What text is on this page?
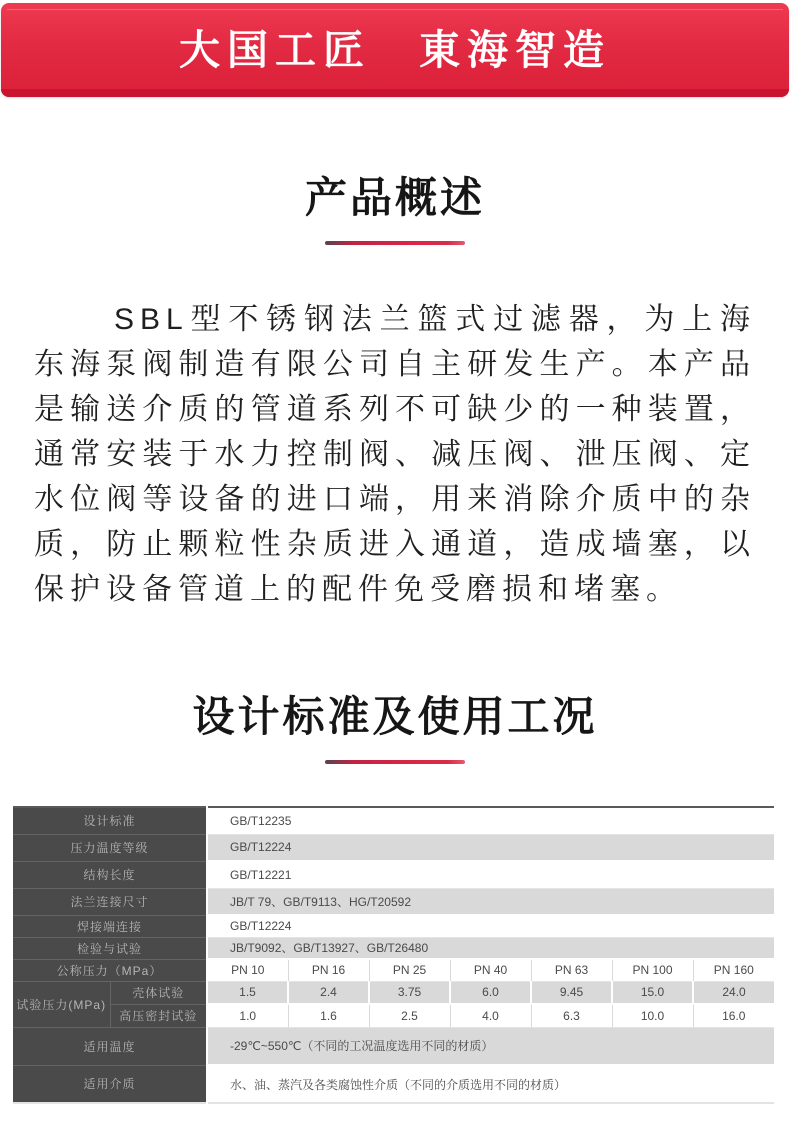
大国工匠　東海智造
产品概述

SBL型不锈钢法兰篮式过滤器，为上海东海泵阀制造有限公司自主研发生产。本产品是输送介质的管道系列不可缺少的一种装置，通常安装于水力控制阀、减压阀、泄压阀、定水位阀等设备的进口端，用来消除介质中的杂质，防止颗粒性杂质进入通道，造成墙塞，以保护设备管道上的配件免受磨损和堵塞。

设计标准及使用工况
设计标准		GB/T12235						
压力温度等级		GB/T12224						
结构长度		GB/T12221						
法兰连接尺寸		JB/T 79、GB/T9113、HG/T20592						
焊接端连接		GB/T12224						
检验与试验		JB/T9092、GB/T13927、GB/T26480						
公称压力（MPa）		PN 10	PN 16	PN 25	PN 40	PN 63	PN 100	PN 160
试验压力(MPa)	壳体试验	1.5	2.4	3.75	6.0	9.45	15.0	24.0
	高压密封试验	1.0	1.6	2.5	4.0	6.3	10.0	16.0
适用温度		-29℃~550℃（不同的工况温度选用不同的材质）						
适用介质		水、油、蒸汽及各类腐蚀性介质（不同的介质选用不同的材质）						
